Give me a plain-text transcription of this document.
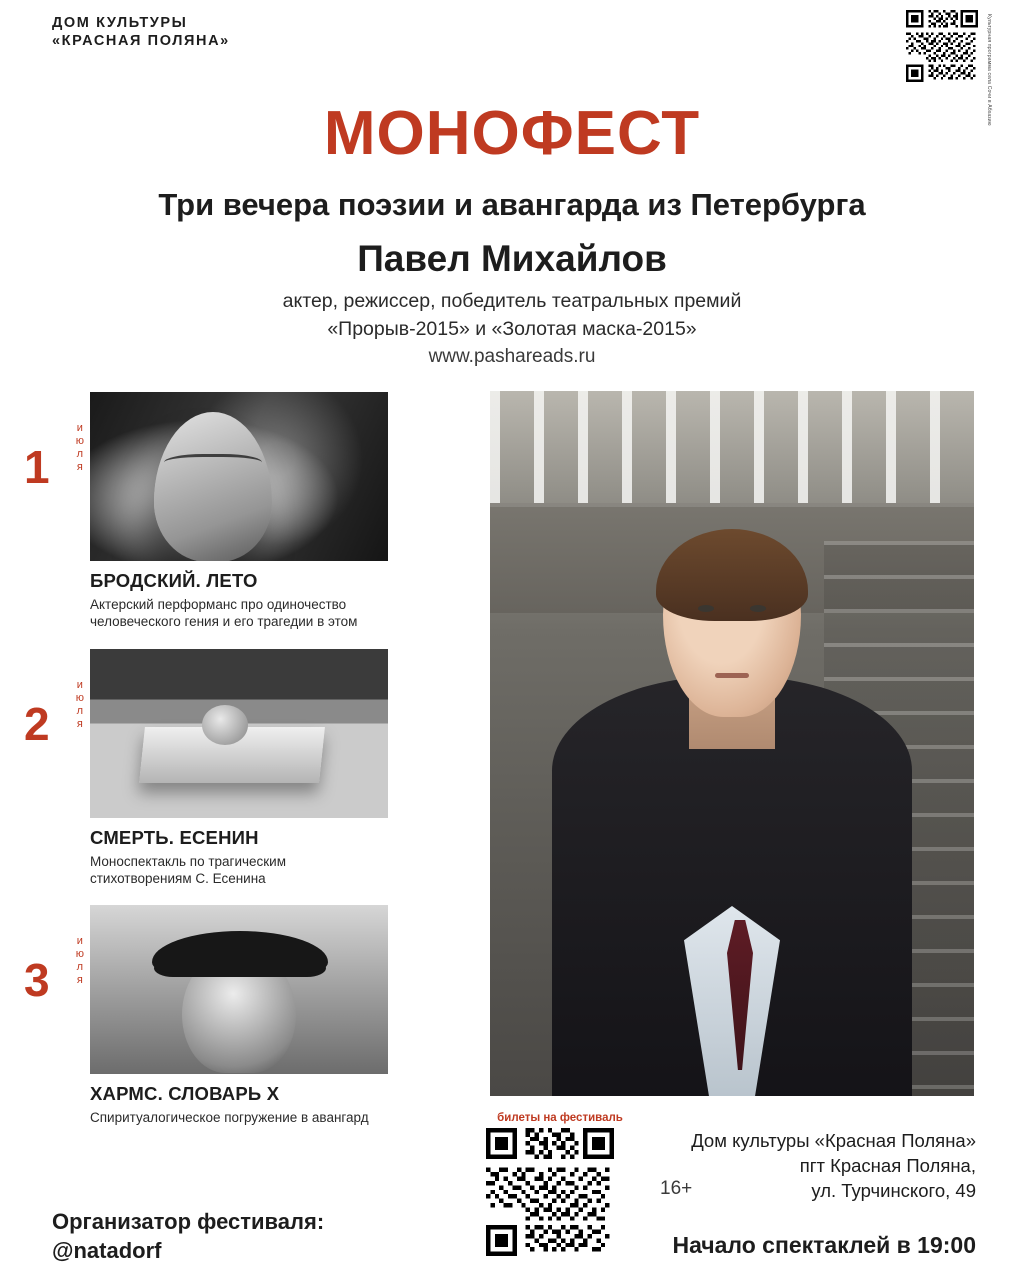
ДОМ КУЛЬТУРЫ
«КРАСНАЯ ПОЛЯНА»	Культурная программа села Сочи в Абхазию
МОНОФЕСТ
Три вечера поэзии и авангарда из Петербурга
Павел Михайлов
актер, режиссер, победитель театральных премий
«Прорыв-2015» и «Золотая маска-2015»
www.pashareads.ru
1 июля
БРОДСКИЙ. ЛЕТО
Актерский перформанс про одиночество
человеческого гения и его трагедии в этом
2 июля
СМЕРТЬ. ЕСЕНИН
Моноспектакль по трагическим
стихотворениям С. Есенина
3 июля
ХАРМС. СЛОВАРЬ Х
Спиритуалогическое погружение в авангард	билеты на фестиваль
16+
Дом культуры «Красная Поляна»
пгт Красная Поляна,
ул. Турчинского, 49
Начало спектаклей в 19:00
Организатор фестиваля:
@natadorf
